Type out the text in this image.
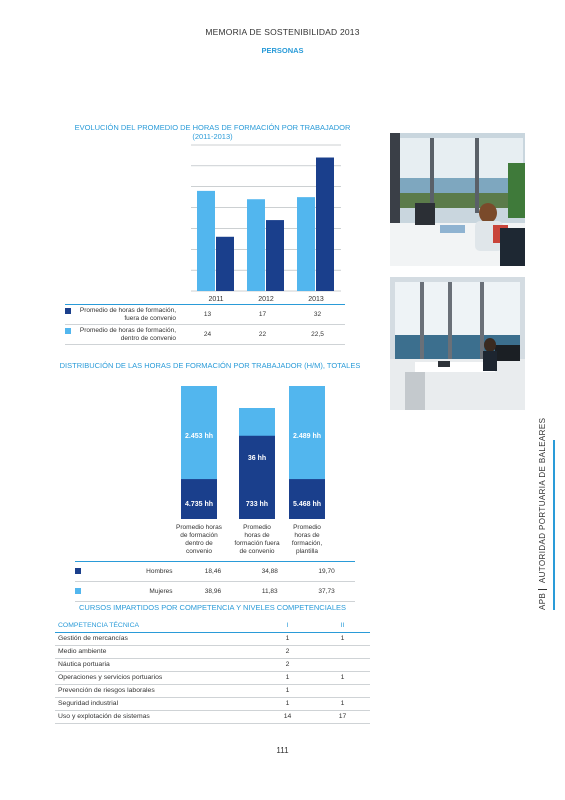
MEMORIA DE SOSTENIBILIDAD 2013
PERSONAS
EVOLUCIÓN DEL PROMEDIO DE HORAS DE FORMACIÓN POR TRABAJADOR
(2011-2013)
2011	2012	2013
Promedio de horas de formación,
fuera de convenio	13	17	32

Promedio de horas de formación,
dentro de convenio	24	22	22,5
DISTRIBUCIÓN DE LAS HORAS DE FORMACIÓN POR TRABAJADOR (H/M), TOTALES
2.453 hh
4.735 hh
36 hh
733 hh
2.489 hh
5.468 hh
Promedio horas
de formación
dentro de
convenio
Promedio
horas de
formación fuera
de convenio
Promedio
horas de
formación,
plantilla
	Hombres	18,46	34,88	19,70
	Mujeres	38,96	11,83	37,73
APB AUTORIDAD PORTUARIA DE BALEARES
CURSOS IMPARTIDOS POR COMPETENCIA Y NIVELES COMPETENCIALES
COMPETENCIA TÉCNICA	I	II
Gestión de mercancías	1	1
Medio ambiente	2	
Náutica portuaria	2	
Operaciones y servicios portuarios	1	1
Prevención de riesgos laborales	1	
Seguridad industrial	1	1
Uso y explotación de sistemas	14	17
111
